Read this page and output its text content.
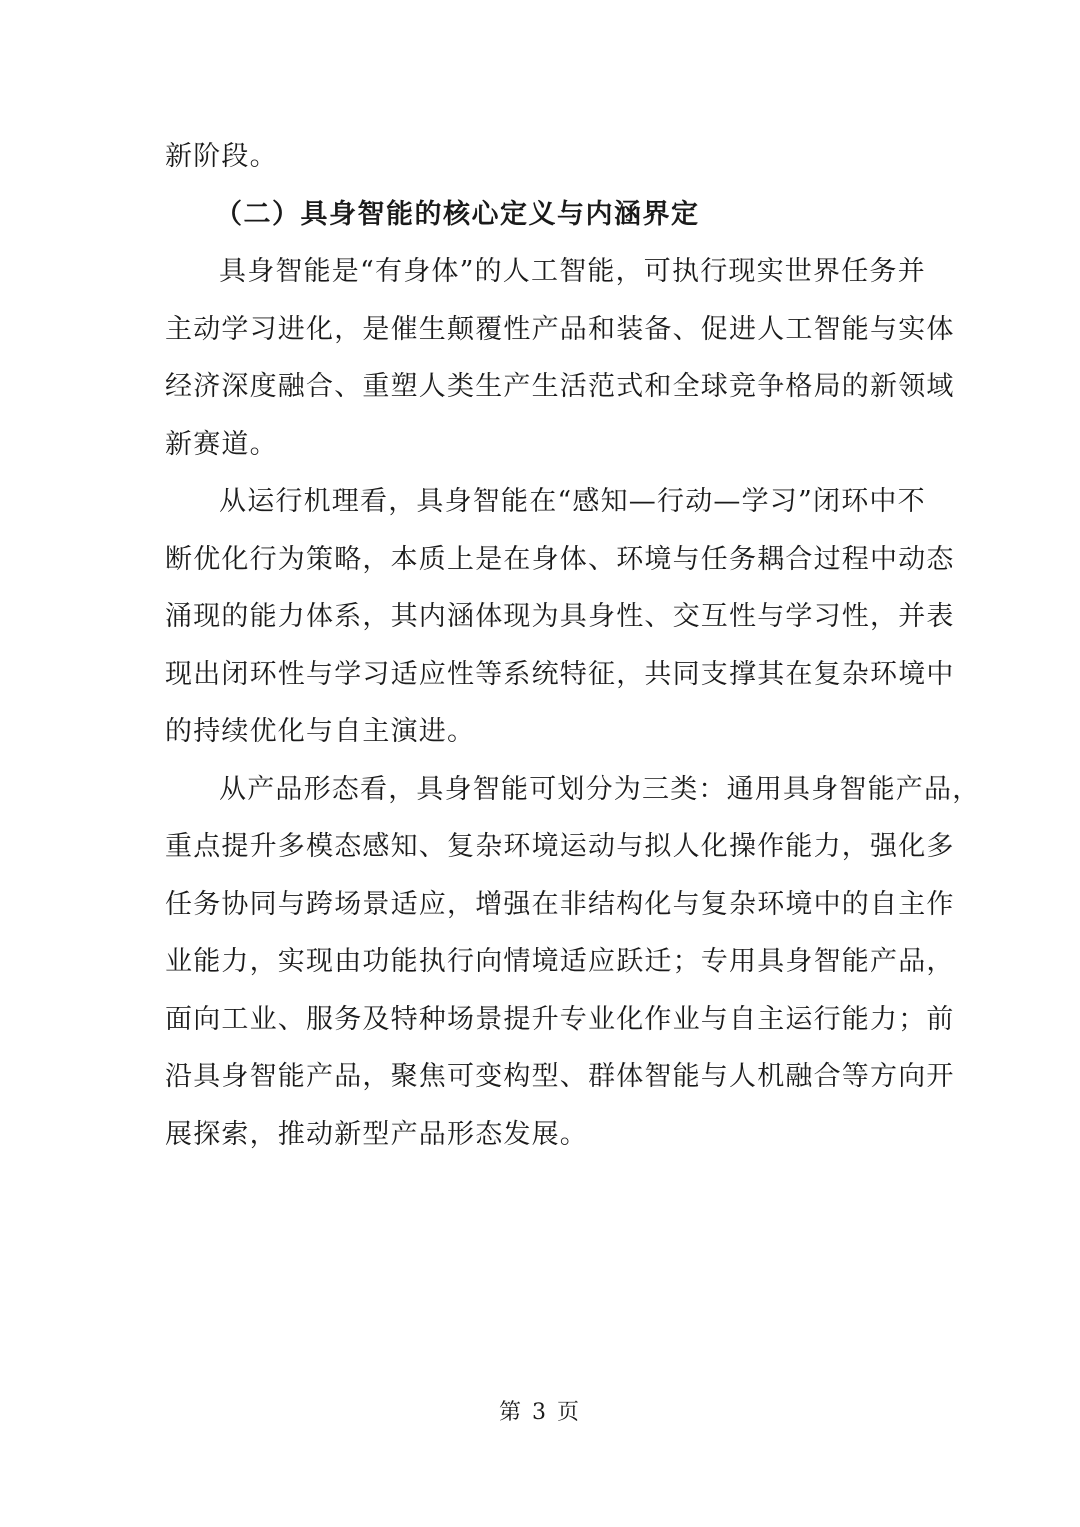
新阶段。
（二）具身智能的核心定义与内涵界定
具身智能是“有身体”的人工智能，可执行现实世界任务并
主动学习进化，是催生颠覆性产品和装备、促进人工智能与实体
经济深度融合、重塑人类生产生活范式和全球竞争格局的新领域
新赛道。
从运行机理看，具身智能在“感知—行动—学习”闭环中不
断优化行为策略，本质上是在身体、环境与任务耦合过程中动态
涌现的能力体系，其内涵体现为具身性、交互性与学习性，并表
现出闭环性与学习适应性等系统特征，共同支撑其在复杂环境中
的持续优化与自主演进。
从产品形态看，具身智能可划分为三类：通用具身智能产品，
重点提升多模态感知、复杂环境运动与拟人化操作能力，强化多
任务协同与跨场景适应，增强在非结构化与复杂环境中的自主作
业能力，实现由功能执行向情境适应跃迁；专用具身智能产品，
面向工业、服务及特种场景提升专业化作业与自主运行能力；前
沿具身智能产品，聚焦可变构型、群体智能与人机融合等方向开
展探索，推动新型产品形态发展。
第 3 页
